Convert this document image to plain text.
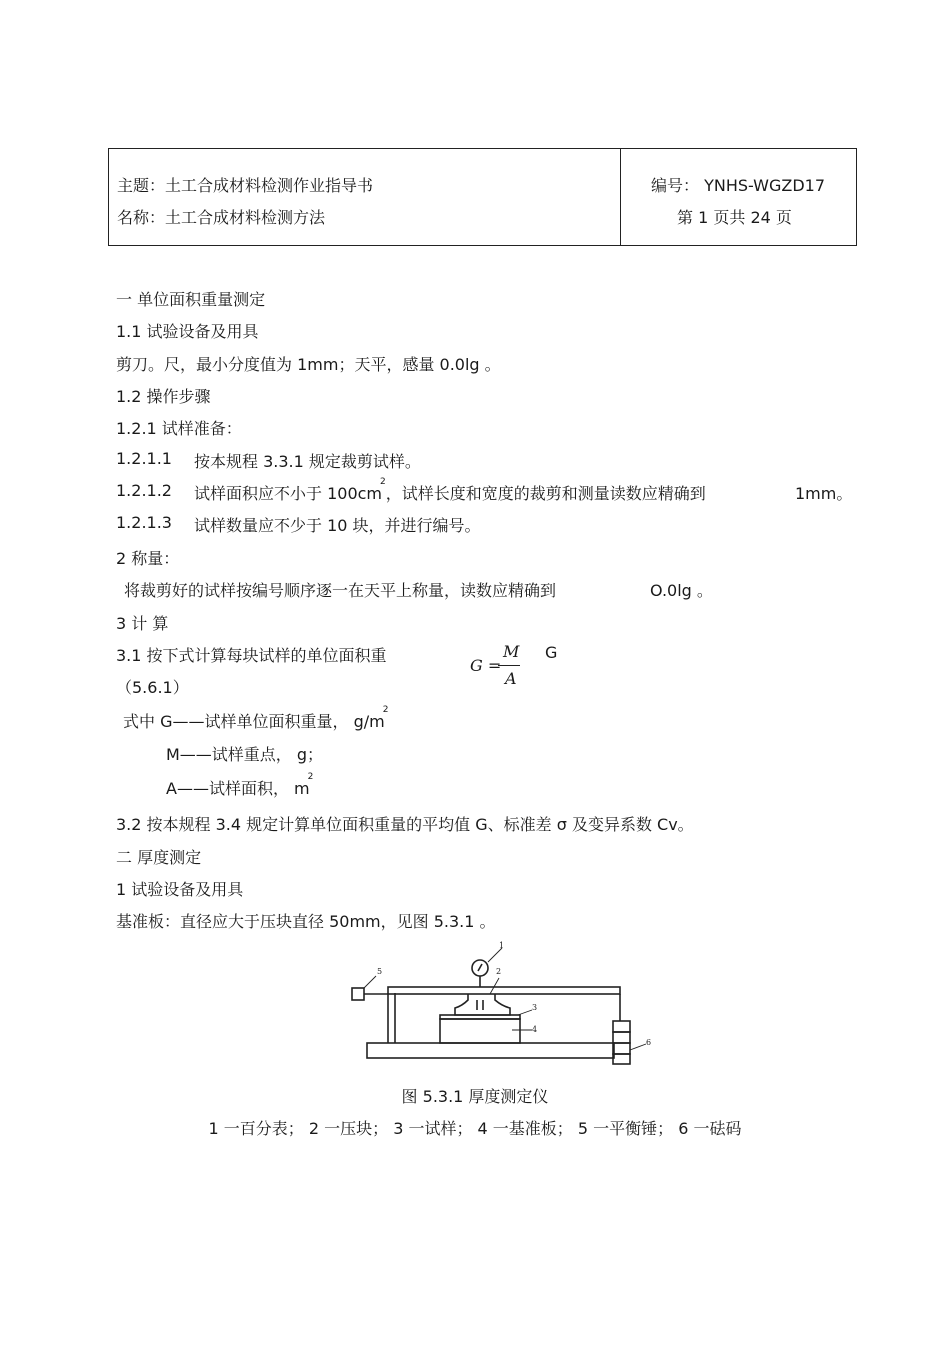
主题：土工合成材料检测作业指导书
名称：土工合成材料检测方法
编号： YNHS-WGZD17
第 1 页共 24 页
一 单位面积重量测定
1.1 试验设备及用具
剪刀。尺，最小分度值为 1mm；天平，感量 0.0lg 。
1.2 操作步骤
1.2.1 试样准备：
1.2.1.1 按本规程 3.3.1 规定裁剪试样。
1.2.1.2 试样面积应不小于 $100cm^2$，试样长度和宽度的裁剪和测量读数应精确到	1mm。
1.2.1.3 试样数量应不少于 10 块，并进行编号。
2 称量：
将裁剪好的试样按编号顺序逐一在天平上称量，读数应精确到	O.0lg 。
3 计 算
3.1 按下式计算每块试样的单位面积重
（5.6.1）
G =
M
A
G
式中 G——试样单位面积重量， $g/m^2$
M——试样重点， g；
A——试样面积， $m^2$
3.2 按本规程 3.4 规定计算单位面积重量的平均值 G、标准差 σ 及变异系数 Cv。
二 厚度测定
1 试验设备及用具
基准板：直径应大于压块直径 50mm，见图 5.3.1 。
1
2
3
4
5
6
图 5.3.1 厚度测定仪
1 一百分表； 2 一压块； 3 一试样； 4 一基准板； 5 一平衡锤； 6 一砝码
